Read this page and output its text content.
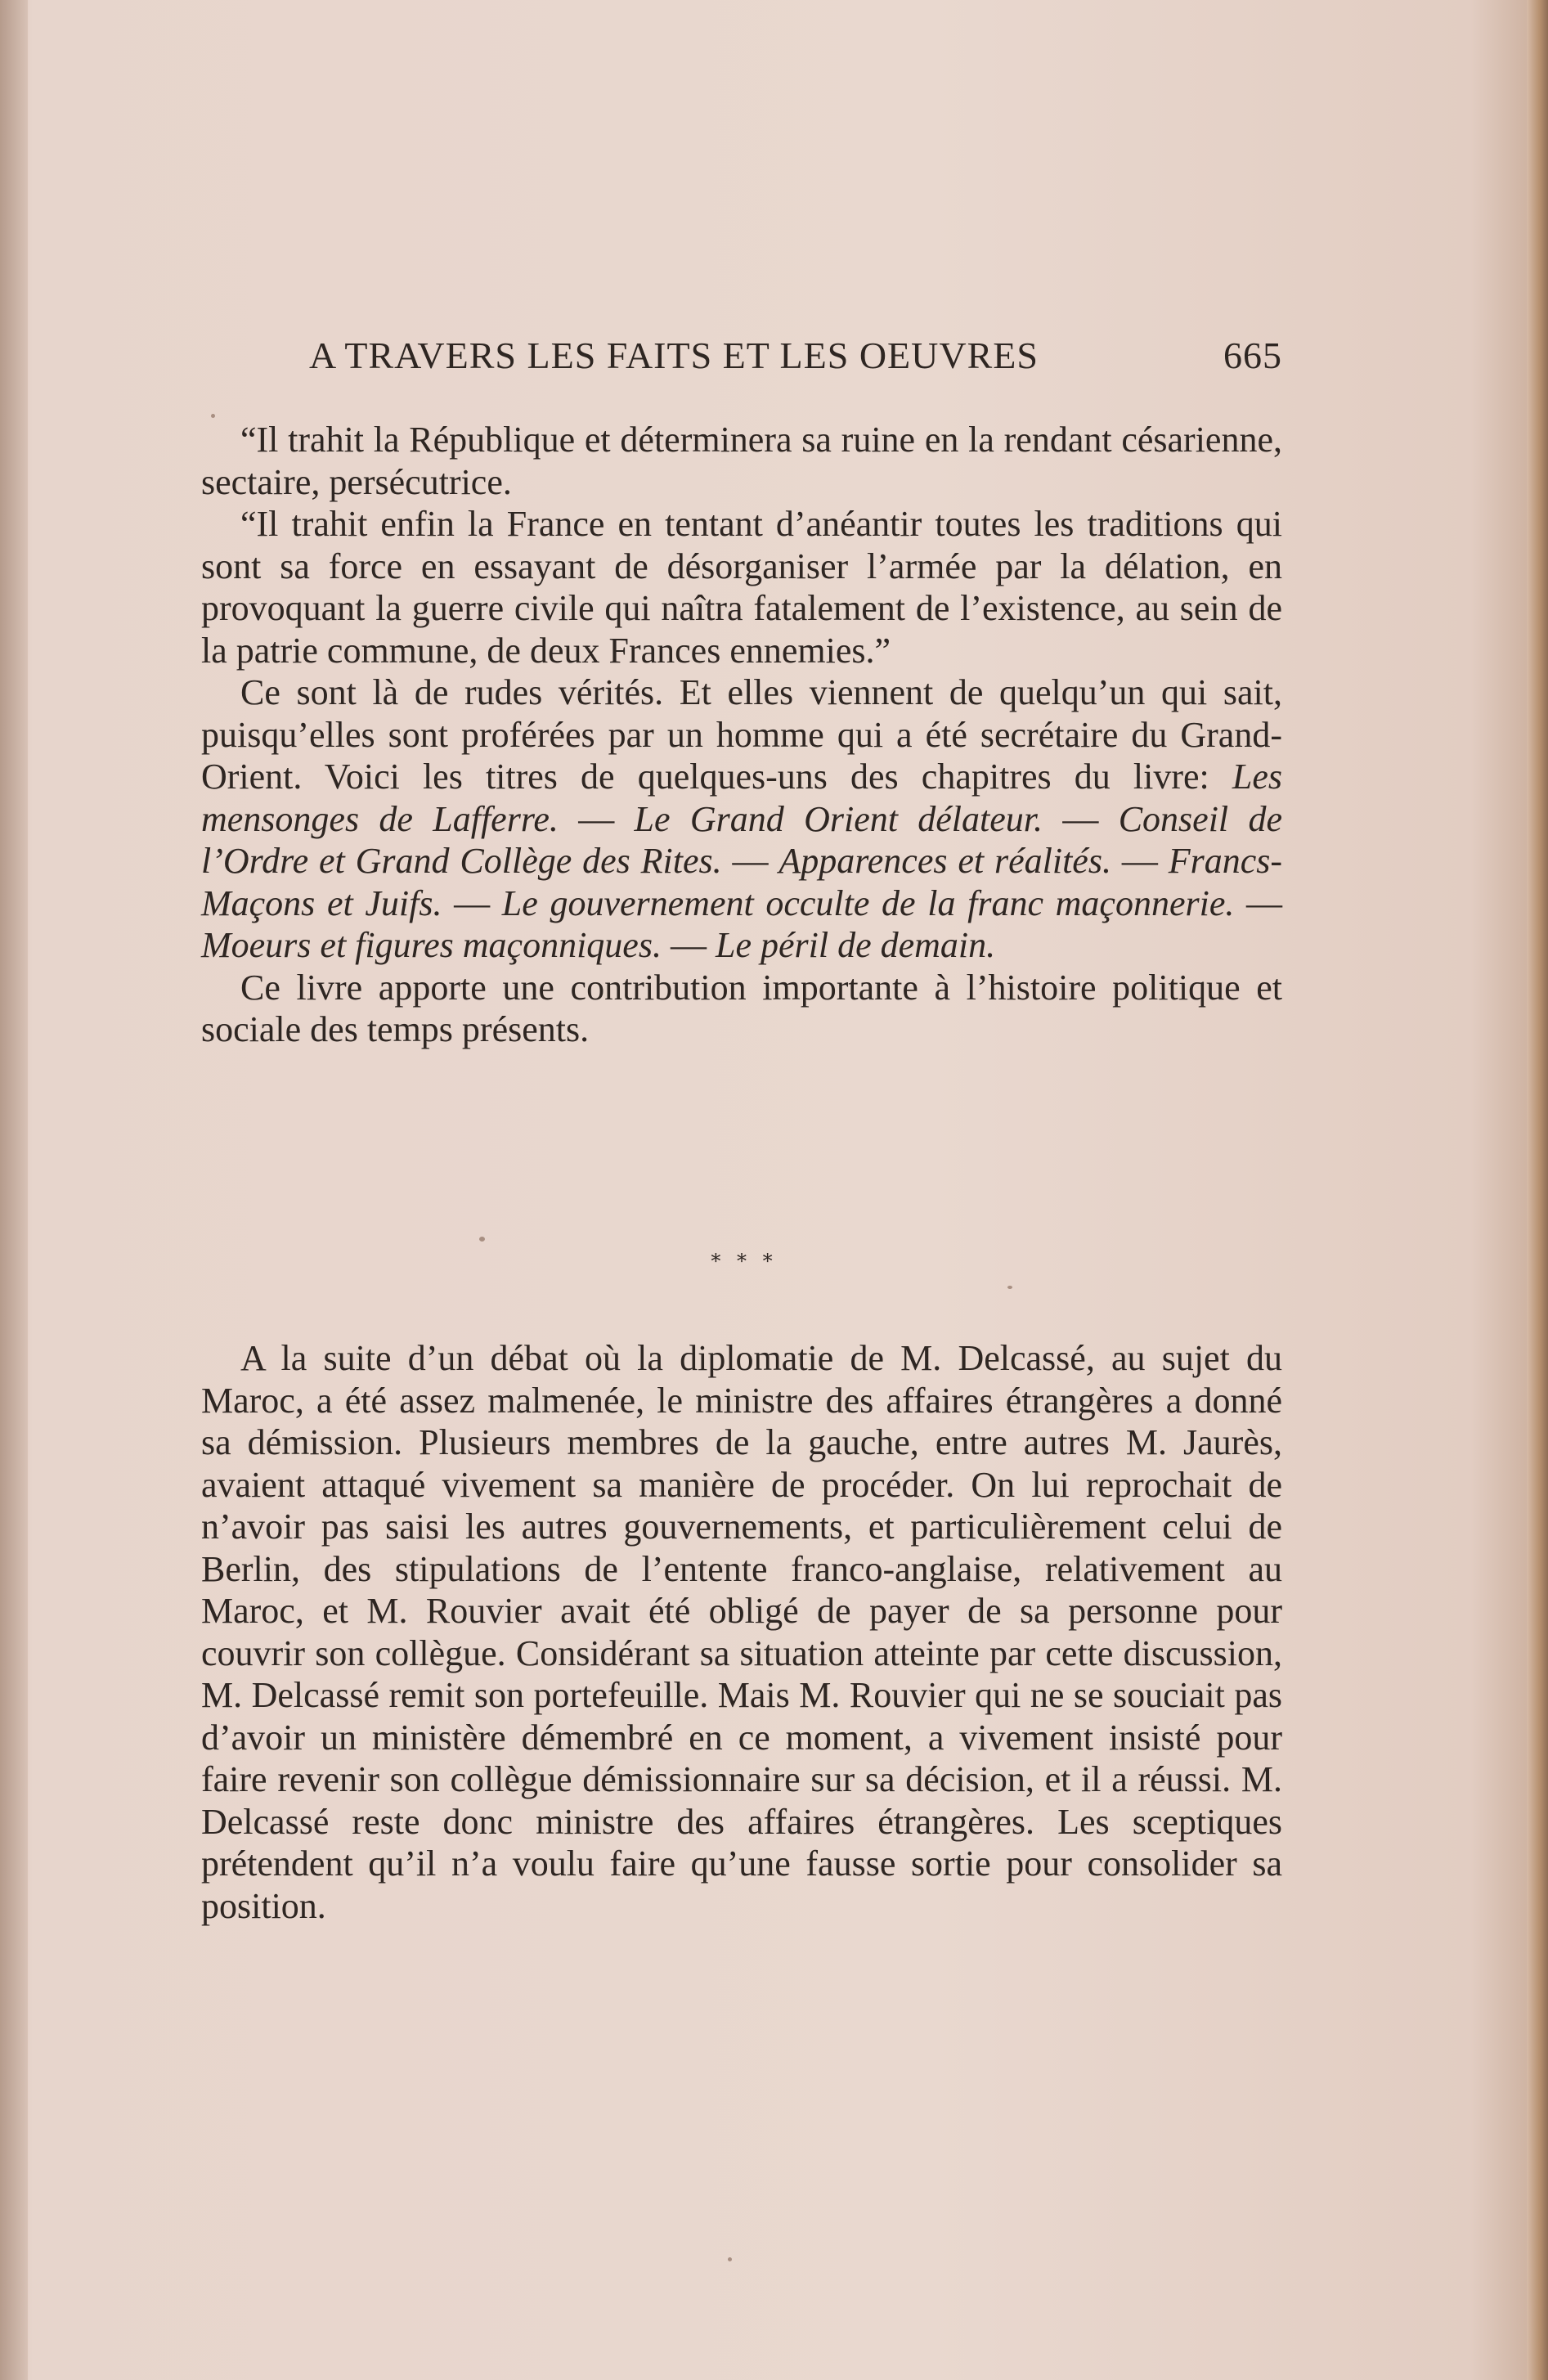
A TRAVERS LES FAITS ET LES OEUVRES	665

“Il trahit la République et déterminera sa ruine en la rendant césarienne, sectaire, persécutrice.

“Il trahit enfin la France en tentant d’anéantir toutes les traditions qui sont sa force en essayant de désorganiser l’armée par la délation, en provoquant la guerre civile qui naîtra fatalement de l’existence, au sein de la patrie commune, de deux Frances ennemies.”

Ce sont là de rudes vérités. Et elles viennent de quelqu’un qui sait, puisqu’elles sont proférées par un homme qui a été secrétaire du Grand-Orient. Voici les titres de quelques-uns des chapitres du livre: Les mensonges de Lafferre. — Le Grand Orient délateur. — Conseil de l’Ordre et Grand Collège des Rites. — Apparences et réalités. — Francs-Maçons et Juifs. — Le gouvernement occulte de la franc maçonnerie. — Moeurs et figures maçonniques. — Le péril de demain.

Ce livre apporte une contribution importante à l’histoire politique et sociale des temps présents.

* * *

A la suite d’un débat où la diplomatie de M. Delcassé, au sujet du Maroc, a été assez malmenée, le ministre des affaires étrangères a donné sa démission. Plusieurs membres de la gauche, entre autres M. Jaurès, avaient attaqué vivement sa manière de procéder. On lui reprochait de n’avoir pas saisi les autres gouvernements, et particulièrement celui de Berlin, des stipulations de l’entente franco-anglaise, relativement au Maroc, et M. Rouvier avait été obligé de payer de sa personne pour couvrir son collègue. Considérant sa situation atteinte par cette discussion, M. Delcassé remit son portefeuille. Mais M. Rouvier qui ne se souciait pas d’avoir un ministère démembré en ce moment, a vivement insisté pour faire revenir son collègue démissionnaire sur sa décision, et il a réussi. M. Delcassé reste donc ministre des affaires étrangères. Les sceptiques prétendent qu’il n’a voulu faire qu’une fausse sortie pour consolider sa position.
